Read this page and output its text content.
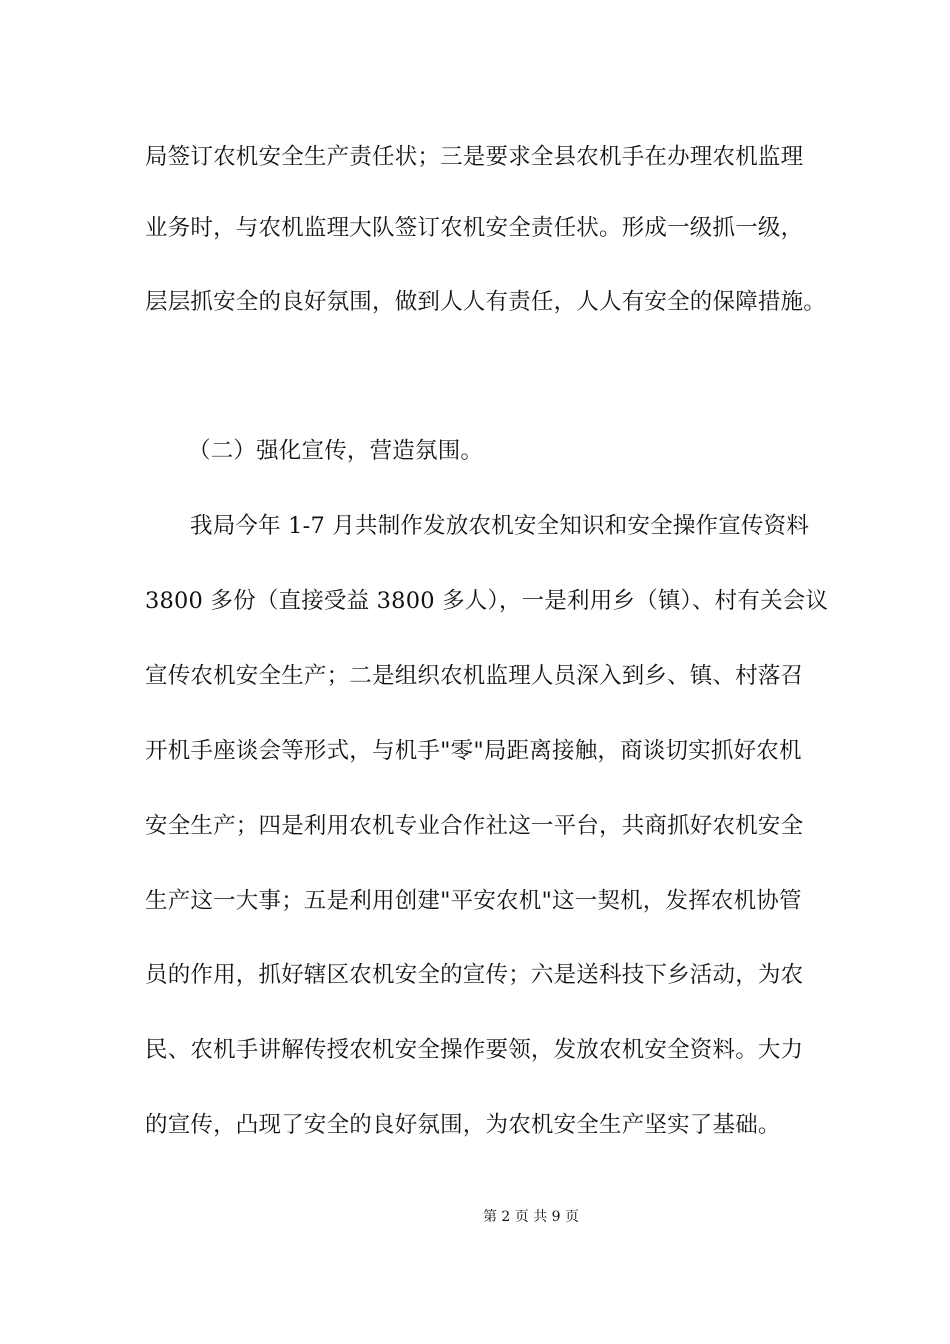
局签订农机安全生产责任状；三是要求全县农机手在办理农机监理
业务时，与农机监理大队签订农机安全责任状。形成一级抓一级，
层层抓安全的良好氛围，做到人人有责任，人人有安全的保障措施。
（二）强化宣传，营造氛围。
我局今年 1-7 月共制作发放农机安全知识和安全操作宣传资料
3800 多份（直接受益 3800 多人），一是利用乡（镇）、村有关会议
宣传农机安全生产；二是组织农机监理人员深入到乡、镇、村落召
开机手座谈会等形式，与机手"零"局距离接触，商谈切实抓好农机
安全生产；四是利用农机专业合作社这一平台，共商抓好农机安全
生产这一大事；五是利用创建"平安农机"这一契机，发挥农机协管
员的作用，抓好辖区农机安全的宣传；六是送科技下乡活动，为农
民、农机手讲解传授农机安全操作要领，发放农机安全资料。大力
的宣传，凸现了安全的良好氛围，为农机安全生产坚实了基础。
第 2 页 共 9 页
